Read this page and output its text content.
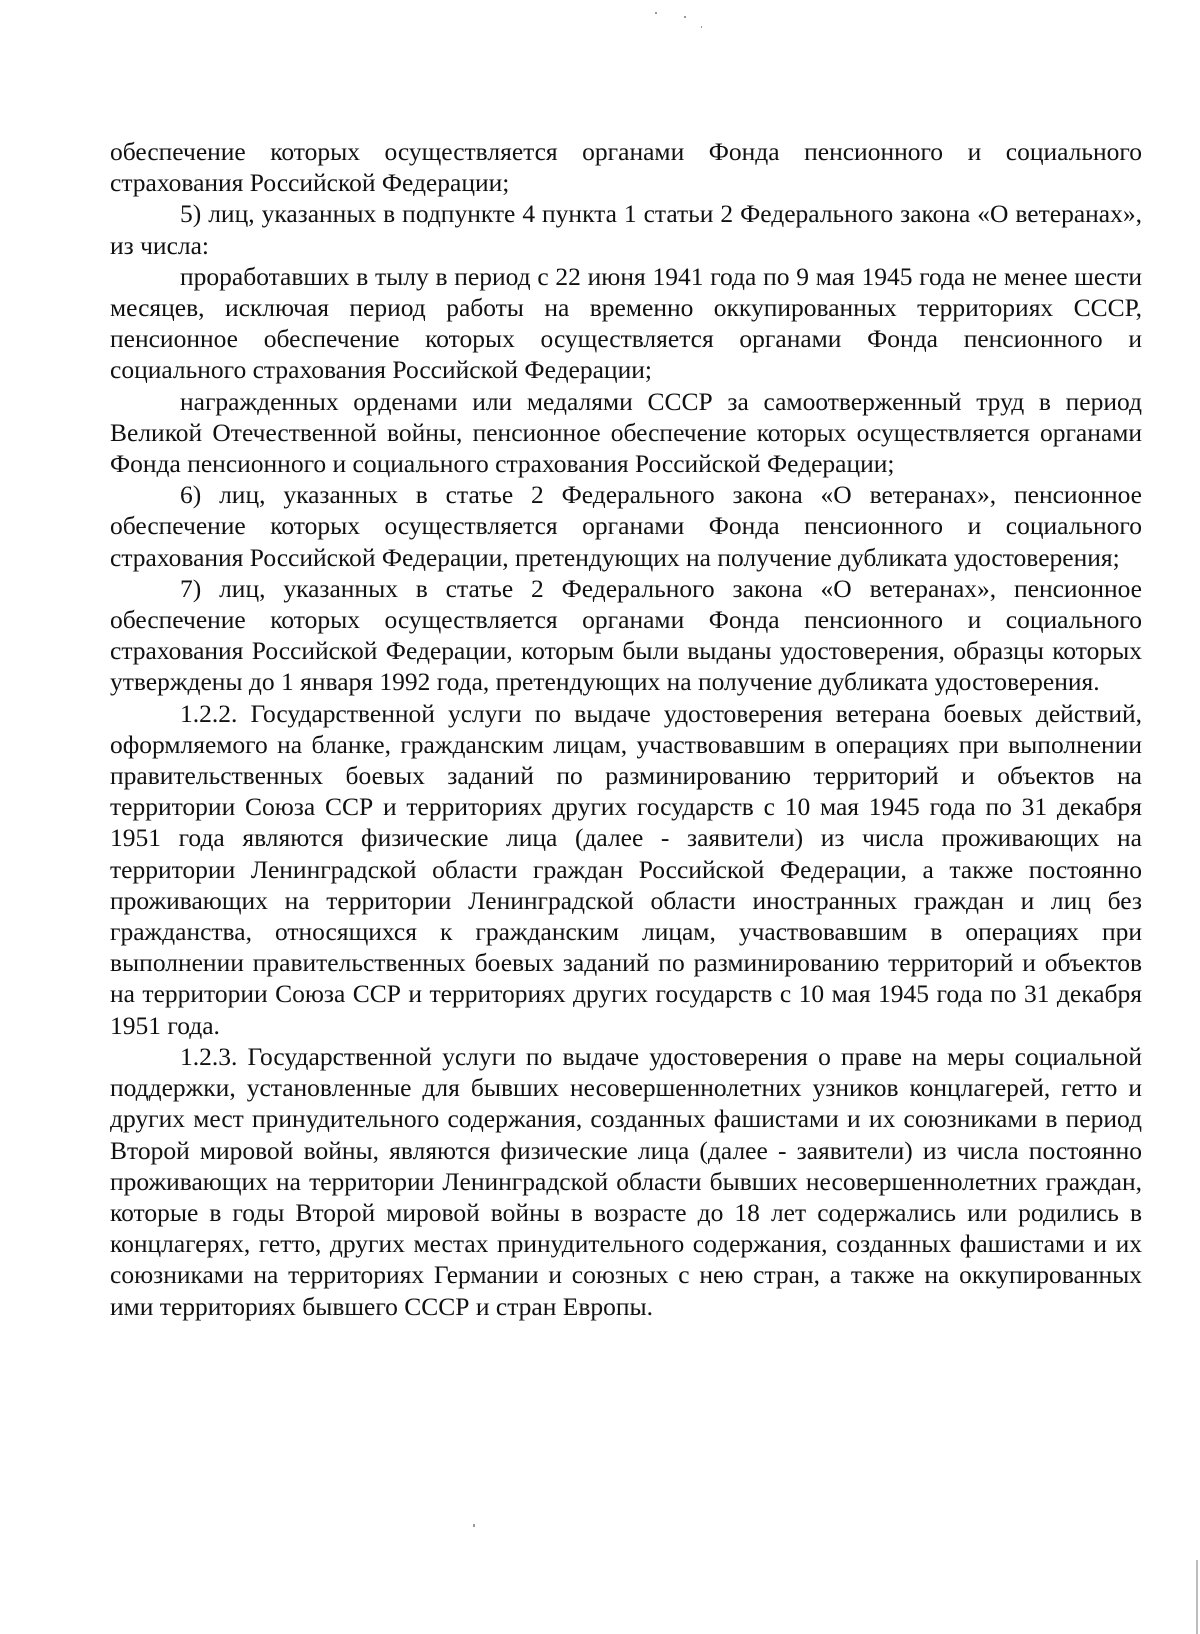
обеспечение которых осуществляется органами Фонда пенсионного и социального страхования Российской Федерации;

5) лиц, указанных в подпункте 4 пункта 1 статьи 2 Федерального закона «О ветеранах», из числа:

проработавших в тылу в период с 22 июня 1941 года по 9 мая 1945 года не менее шести месяцев, исключая период работы на временно оккупированных территориях СССР, пенсионное обеспечение которых осуществляется органами Фонда пенсионного и социального страхования Российской Федерации;

награжденных орденами или медалями СССР за самоотверженный труд в период Великой Отечественной войны, пенсионное обеспечение которых осуществляется органами Фонда пенсионного и социального страхования Российской Федерации;

6) лиц, указанных в статье 2 Федерального закона «О ветеранах», пенсионное обеспечение которых осуществляется органами Фонда пенсионного и социального страхования Российской Федерации, претендующих на получение дубликата удостоверения;

7) лиц, указанных в статье 2 Федерального закона «О ветеранах», пенсионное обеспечение которых осуществляется органами Фонда пенсионного и социального страхования Российской Федерации, которым были выданы удостоверения, образцы которых утверждены до 1 января 1992 года, претендующих на получение дубликата удостоверения.

1.2.2. Государственной услуги по выдаче удостоверения ветерана боевых действий, оформляемого на бланке, гражданским лицам, участвовавшим в операциях при выполнении правительственных боевых заданий по разминированию территорий и объектов на территории Союза ССР и территориях других государств с 10 мая 1945 года по 31 декабря 1951 года являются физические лица (далее - заявители) из числа проживающих на территории Ленинградской области граждан Российской Федерации, а также постоянно проживающих на территории Ленинградской области иностранных граждан и лиц без гражданства, относящихся к гражданским лицам, участвовавшим в операциях при выполнении правительственных боевых заданий по разминированию территорий и объектов на территории Союза ССР и территориях других государств с 10 мая 1945 года по 31 декабря 1951 года.

1.2.3. Государственной услуги по выдаче удостоверения о праве на меры социальной поддержки, установленные для бывших несовершеннолетних узников концлагерей, гетто и других мест принудительного содержания, созданных фашистами и их союзниками в период Второй мировой войны, являются физические лица (далее - заявители) из числа постоянно проживающих на территории Ленинградской области бывших несовершеннолетних граждан, которые в годы Второй мировой войны в возрасте до 18 лет содержались или родились в концлагерях, гетто, других местах принудительного содержания, созданных фашистами и их союзниками на территориях Германии и союзных с нею стран, а также на оккупированных ими территориях бывшего СССР и стран Европы.
